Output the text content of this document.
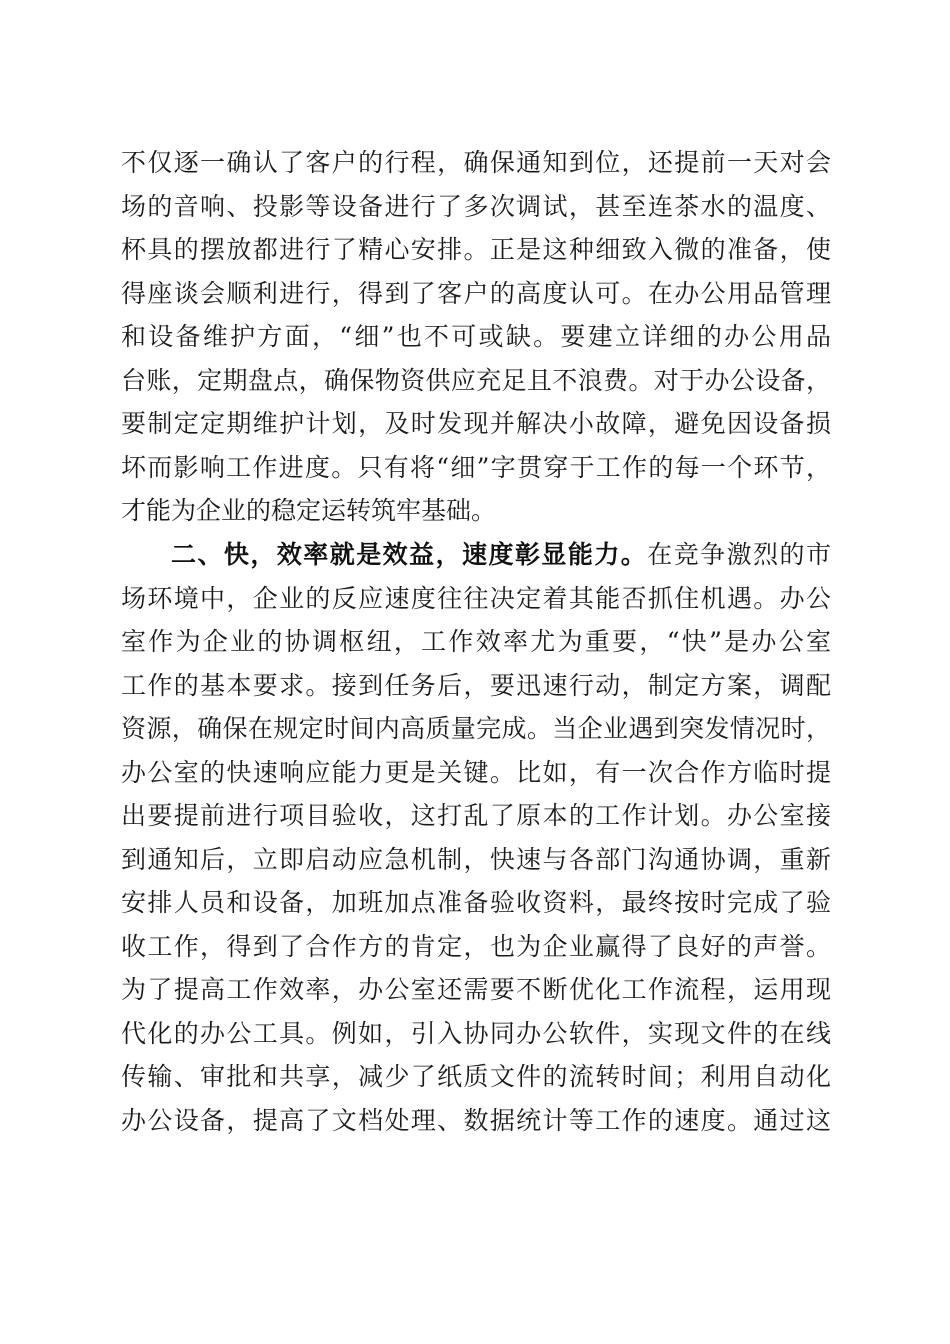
不仅逐一确认了客户的行程，确保通知到位，还提前一天对会
场的音响、投影等设备进行了多次调试，甚至连茶水的温度、
杯具的摆放都进行了精心安排。正是这种细致入微的准备，使
得座谈会顺利进行，得到了客户的高度认可。在办公用品管理
和设备维护方面，“细”也不可或缺。要建立详细的办公用品
台账，定期盘点，确保物资供应充足且不浪费。对于办公设备，
要制定定期维护计划，及时发现并解决小故障，避免因设备损
坏而影响工作进度。只有将“细”字贯穿于工作的每一个环节，
才能为企业的稳定运转筑牢基础。
二、快，效率就是效益，速度彰显能力。在竞争激烈的市
场环境中，企业的反应速度往往决定着其能否抓住机遇。办公
室作为企业的协调枢纽，工作效率尤为重要，“快”是办公室
工作的基本要求。接到任务后，要迅速行动，制定方案，调配
资源，确保在规定时间内高质量完成。当企业遇到突发情况时，
办公室的快速响应能力更是关键。比如，有一次合作方临时提
出要提前进行项目验收，这打乱了原本的工作计划。办公室接
到通知后，立即启动应急机制，快速与各部门沟通协调，重新
安排人员和设备，加班加点准备验收资料，最终按时完成了验
收工作，得到了合作方的肯定，也为企业赢得了良好的声誉。
为了提高工作效率，办公室还需要不断优化工作流程，运用现
代化的办公工具。例如，引入协同办公软件，实现文件的在线
传输、审批和共享，减少了纸质文件的流转时间；利用自动化
办公设备，提高了文档处理、数据统计等工作的速度。通过这
